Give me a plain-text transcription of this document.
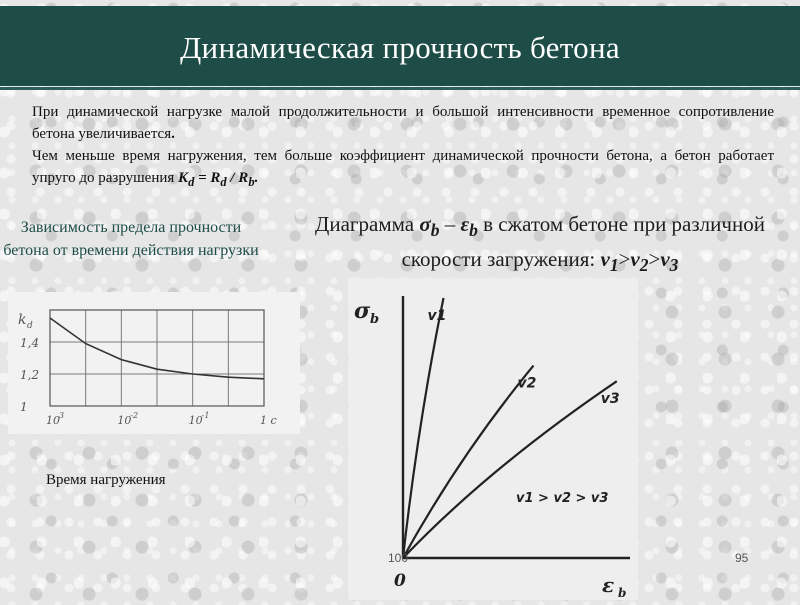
Динамическая прочность бетона

При динамической нагрузке малой продолжительности и большой интенсивности временное сопротивление бетона увеличивается.

Чем меньше время нагружения, тем больше коэффициент динамической прочности бетона, а бетон работает упруго до разрушения $K_d = R_d / R_b$.

Зависимость предела прочности бетона от времени действия нагрузки
Диаграмма $\sigma_b - \varepsilon_b$ в сжатом бетоне при различной скорости загружения: $v_1>v_2>v_3$
k d
1,4
1,2
1
10 3	10 -2	10 -1	1 c
Время нагружения
σ b
ε b
0
v1
v2
v3
v1 > v2 > v3
100	95
